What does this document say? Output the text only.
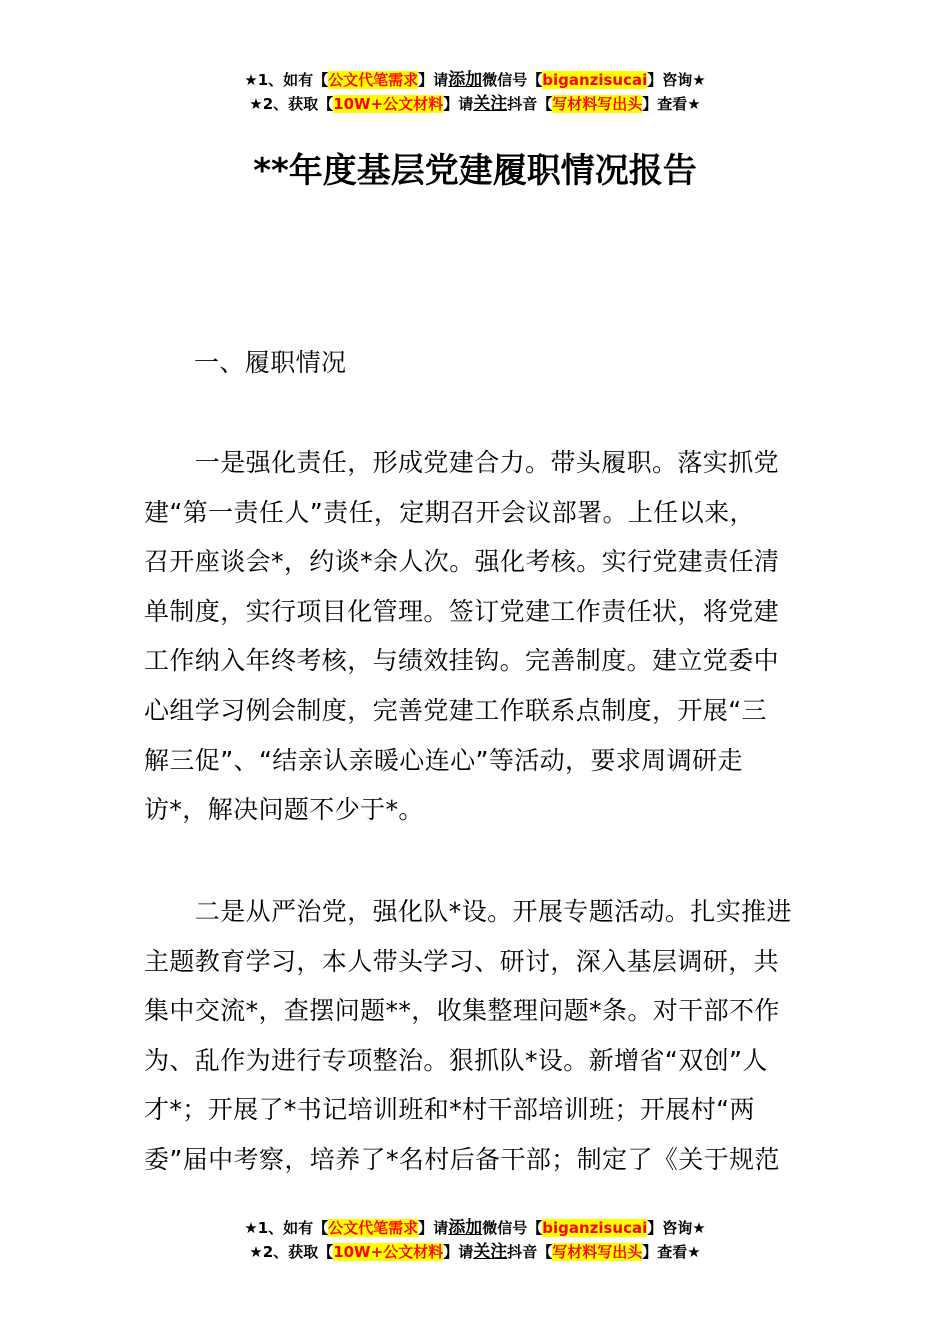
★1、如有【公文代笔需求】请添加微信号【biganzisucai】咨询★
★2、获取【10W+公文材料】请关注抖音【写材料写出头】查看★
**年度基层党建履职情况报告
一、履职情况
　　一是强化责任，形成党建合力。带头履职。落实抓党
建“第一责任人”责任，定期召开会议部署。上任以来，
召开座谈会*，约谈*余人次。强化考核。实行党建责任清
单制度，实行项目化管理。签订党建工作责任状，将党建
工作纳入年终考核，与绩效挂钩。完善制度。建立党委中
心组学习例会制度，完善党建工作联系点制度，开展“三
解三促”、“结亲认亲暖心连心”等活动，要求周调研走
访*，解决问题不少于*。
　　二是从严治党，强化队*设。开展专题活动。扎实推进
主题教育学习，本人带头学习、研讨，深入基层调研，共
集中交流*，查摆问题**，收集整理问题*条。对干部不作
为、乱作为进行专项整治。狠抓队*设。新增省“双创”人
才*；开展了*书记培训班和*村干部培训班；开展村“两
委”届中考察，培养了*名村后备干部；制定了《关于规范
★1、如有【公文代笔需求】请添加微信号【biganzisucai】咨询★
★2、获取【10W+公文材料】请关注抖音【写材料写出头】查看★
